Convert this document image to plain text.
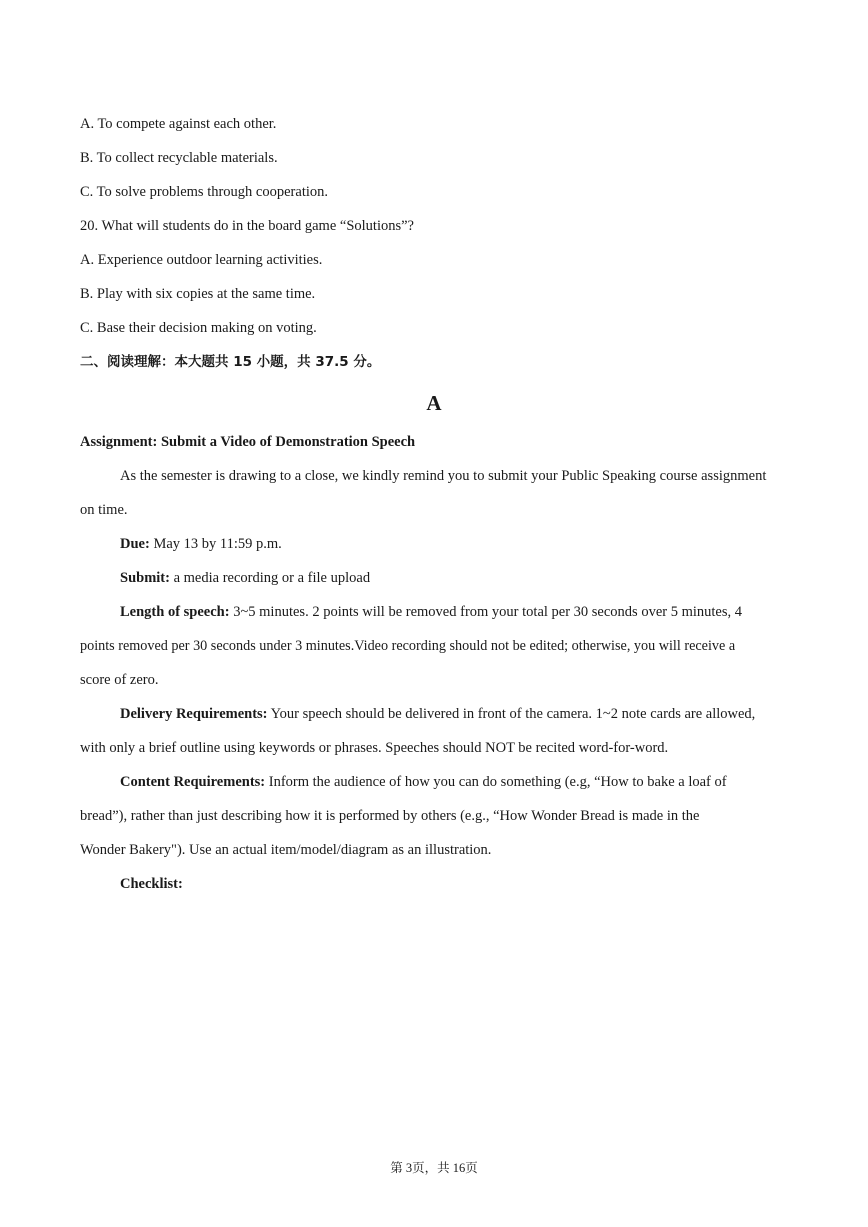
A. To compete against each other.
B. To collect recyclable materials.
C. To solve problems through cooperation.
20. What will students do in the board game “Solutions”?
A. Experience outdoor learning activities.
B. Play with six copies at the same time.
C. Base their decision making on voting.
二、阅读理解：本大题共 15 小题，共 37.5 分。
A
Assignment: Submit a Video of Demonstration Speech
As the semester is drawing to a close, we kindly remind you to submit your Public Speaking course assignment
on time.
Due: May 13 by 11:59 p.m.
Submit: a media recording or a file upload
Length of speech: 3~5 minutes. 2 points will be removed from your total per 30 seconds over 5 minutes, 4
points removed per 30 seconds under 3 minutes.Video recording should not be edited; otherwise, you will receive a
score of zero.
Delivery Requirements: Your speech should be delivered in front of the camera. 1~2 note cards are allowed,
with only a brief outline using keywords or phrases. Speeches should NOT be recited word-for-word.
Content Requirements: Inform the audience of how you can do something (e.g, “How to bake a loaf of
bread”), rather than just describing how it is performed by others (e.g., “How Wonder Bread is made in the
Wonder Bakery"). Use an actual item/model/diagram as an illustration.
Checklist:
第 3页，共 16页
